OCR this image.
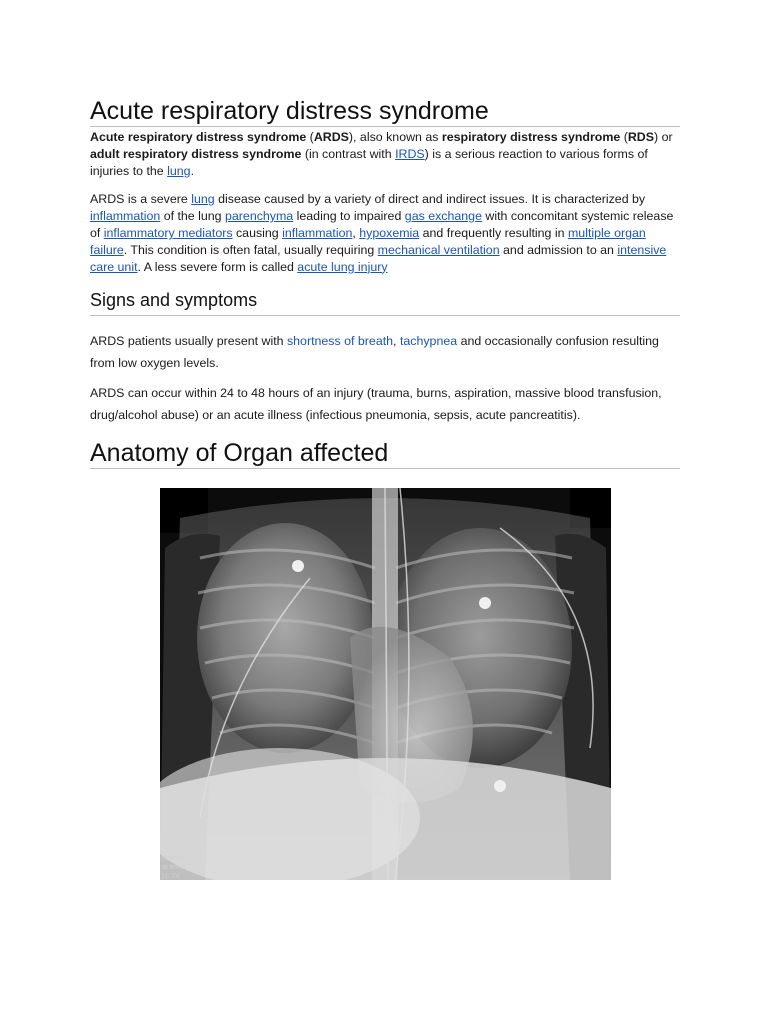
Acute respiratory distress syndrome

Acute respiratory distress syndrome (ARDS), also known as respiratory distress syndrome (RDS) or adult respiratory distress syndrome (in contrast with IRDS) is a serious reaction to various forms of injuries to the lung.

ARDS is a severe lung disease caused by a variety of direct and indirect issues. It is characterized by inflammation of the lung parenchyma leading to impaired gas exchange with concomitant systemic release of inflammatory mediators causing inflammation, hypoxemia and frequently resulting in multiple organ failure. This condition is often fatal, usually requiring mechanical ventilation and admission to an intensive care unit. A less severe form is called acute lung injury

Signs and symptoms

ARDS patients usually present with shortness of breath, tachypnea and occasionally confusion resulting from low oxygen levels.

ARDS can occur within 24 to 48 hours of an injury (trauma, burns, aspiration, massive blood transfusion, drug/alcohol abuse) or an acute illness (infectious pneumonia, sepsis, acute pancreatitis).

Anatomy of Organ affected
rments:
at erect
ct: 1V
